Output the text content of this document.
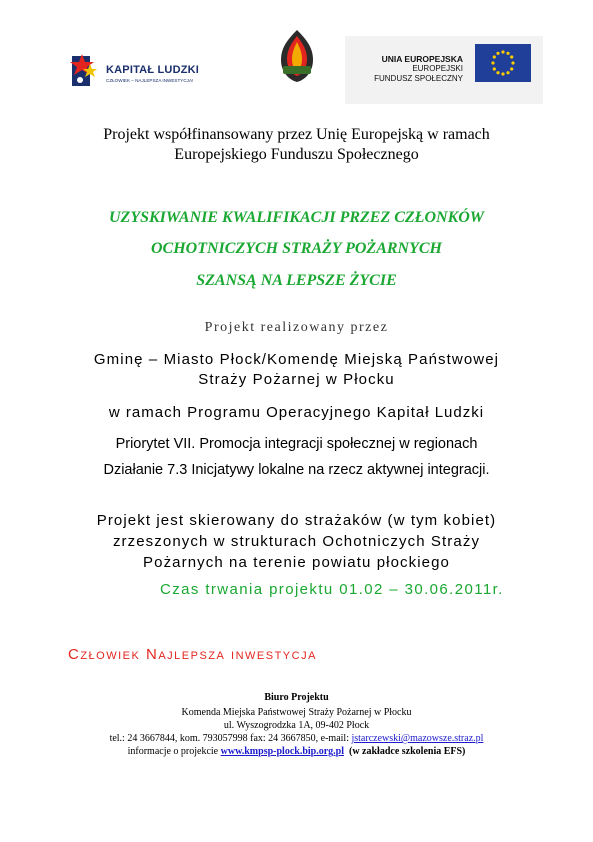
KAPITAŁ LUDZKI
CZŁOWIEK – NAJLEPSZA INWESTYCJA!
UNIA EUROPEJSKA
EUROPEJSKI
FUNDUSZ SPOŁECZNY
Projekt współfinansowany przez Unię Europejską w ramach
Europejskiego Funduszu Społecznego
UZYSKIWANIE KWALIFIKACJI PRZEZ CZŁONKÓW
OCHOTNICZYCH STRAŻY POŻARNYCH
SZANSĄ NA LEPSZE ŻYCIE
Projekt realizowany przez
Gminę – Miasto Płock/Komendę Miejską Państwowej
Straży Pożarnej w Płocku
w ramach Programu Operacyjnego Kapitał Ludzki
Priorytet VII. Promocja integracji społecznej w regionach
Działanie 7.3 Inicjatywy lokalne na rzecz aktywnej integracji.
Projekt jest skierowany do strażaków (w tym kobiet)
zrzeszonych w strukturach Ochotniczych Straży
Pożarnych na terenie powiatu płockiego
Czas trwania projektu 01.02 – 30.06.2011r.
Człowiek Najlepsza inwestycja
Biuro Projektu
Komenda Miejska Państwowej Straży Pożarnej w Płocku
ul. Wyszogrodzka 1A, 09-402 Płock
tel.: 24 3667844, kom. 793057998 fax: 24 3667850, e-mail: jstarczewski@mazowsze.straz.pl
informacje o projekcie www.kmpsp-plock.bip.org.pl (w zakładce szkolenia EFS)
